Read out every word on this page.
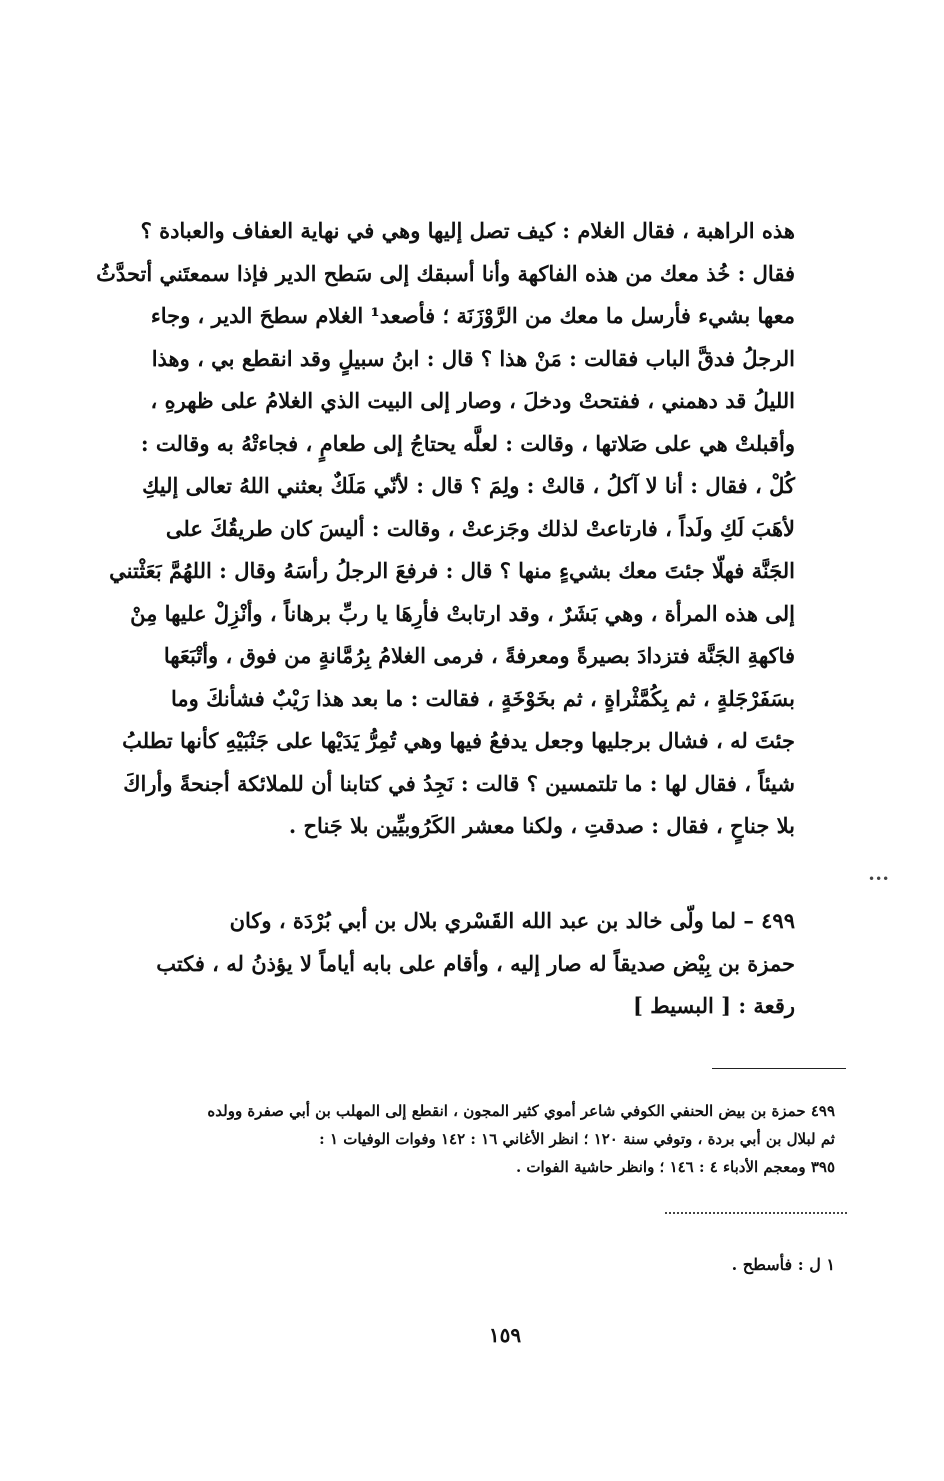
هذه الراهبة ، فقال الغلام : كيف تصل إليها وهي في نهاية العفاف والعبادة ؟
فقال : خُذ معك من هذه الفاكهة وأنا أسبقك إلى سَطح الدير فإذا سمعتَني أتحدَّثُ
معها بشيء فأرسل ما معك من الرَّوْزَنَة ؛ فأصعد¹ الغلام سطحَ الدير ، وجاء
الرجلُ فدقَّ الباب فقالت : مَنْ هذا ؟ قال : ابنُ سبيلٍ وقد انقطع بي ، وهذا
الليلُ قد دهمني ، ففتحتْ ودخلَ ، وصار إلى البيت الذي الغلامُ على ظهرهِ ،
وأقبلتْ هي على صَلاتها ، وقالت : لعلَّه يحتاجُ إلى طعامٍ ، فجاءتْهُ به وقالت :
كُلْ ، فقال : أنا لا آكلُ ، قالتْ : ولِمَ ؟ قال : لأنّي مَلَكٌ بعثني اللهُ تعالى إليكِ
لأهَبَ لَكِ ولَداً ، فارتاعتْ لذلك وجَزعتْ ، وقالت : أليسَ كان طريقُكَ على
الجَنَّة فهلّا جئتَ معك بشيءٍ منها ؟ قال : فرفعَ الرجلُ رأسَهُ وقال : اللهُمَّ بَعَثْتني
إلى هذه المرأة ، وهي بَشَرٌ ، وقد ارتابتْ فأرِهَا يا ربِّ برهاناً ، وأنْزِلْ عليها مِنْ
فاكهةِ الجَنَّة فتزدادَ بصيرةً ومعرفةً ، فرمى الغلامُ بِرُمَّانةٍ من فوق ، وأتْبَعَها
بسَفَرْجَلةٍ ، ثم بِكُمَّثْراةٍ ، ثم بخَوْخَةٍ ، فقالت : ما بعد هذا رَيْبٌ فشأنكَ وما
جئتَ له ، فشال برجليها وجعل يدفعُ فيها وهي تُمِرُّ يَدَيْها على جَنْبَيْهِ كأنها تطلبُ
شيئاً ، فقال لها : ما تلتمسين ؟ قالت : نَجِدُ في كتابنا أن للملائكة أجنحةً وأراكَ
بلا جناحٍ ، فقال : صدقتِ ، ولكنا معشر الكَرُوبيِّين بلا جَناح .
•••
٤٩٩ – لما ولّى خالد بن عبد الله القَسْري بلال بن أبي بُرْدَة ، وكان
حمزة بن بِيْض صديقاً له صار إليه ، وأقام على بابه أياماً لا يؤذنُ له ، فكتب
رقعة : [ البسيط ]
٤٩٩ حمزة بن بيض الحنفي الكوفي شاعر أموي كثير المجون ، انقطع إلى المهلب بن أبي صفرة وولده
ثم لبلال بن أبي بردة ، وتوفي سنة ١٢٠ ؛ انظر الأغاني ١٦ : ١٤٢ وفوات الوفيات ١ :
٣٩٥ ومعجم الأدباء ٤ : ١٤٦ ؛ وانظر حاشية الفوات .
١ ل : فأسطح .
١٥٩
